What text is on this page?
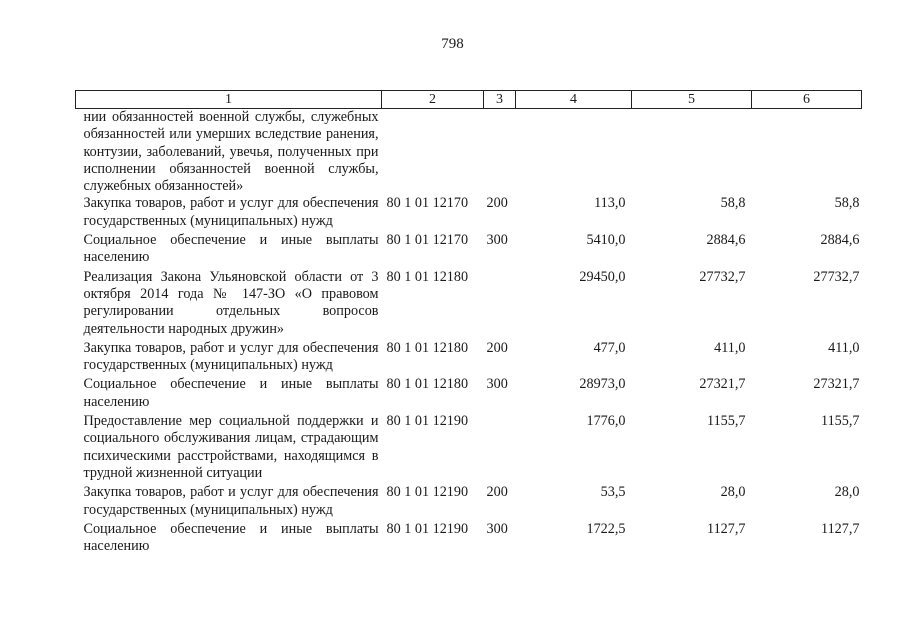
798
1	2	3	4	5	6
нии обязанностей военной службы, служебных обязанностей или умерших вследствие ранения, контузии, заболеваний, увечья, полученных при исполнении обязанностей военной службы, служебных обязанностей»					
Закупка товаров, работ и услуг для обеспечения государственных (муниципальных) нужд	80 1 01 12170	200	113,0	58,8	58,8
Социальное обеспечение и иные выплаты населению	80 1 01 12170	300	5410,0	2884,6	2884,6
Реализация Закона Ульяновской области от 3 октября 2014 года № 147-ЗО «О правовом регулировании отдельных вопросов деятельности народных дружин»	80 1 01 12180		29450,0	27732,7	27732,7
Закупка товаров, работ и услуг для обеспечения государственных (муниципальных) нужд	80 1 01 12180	200	477,0	411,0	411,0
Социальное обеспечение и иные выплаты населению	80 1 01 12180	300	28973,0	27321,7	27321,7
Предоставление мер социальной поддержки и социального обслуживания лицам, страдающим психическими расстройствами, находящимся в трудной жизненной ситуации	80 1 01 12190		1776,0	1155,7	1155,7
Закупка товаров, работ и услуг для обеспечения государственных (муниципальных) нужд	80 1 01 12190	200	53,5	28,0	28,0
Социальное обеспечение и иные выплаты населению	80 1 01 12190	300	1722,5	1127,7	1127,7
